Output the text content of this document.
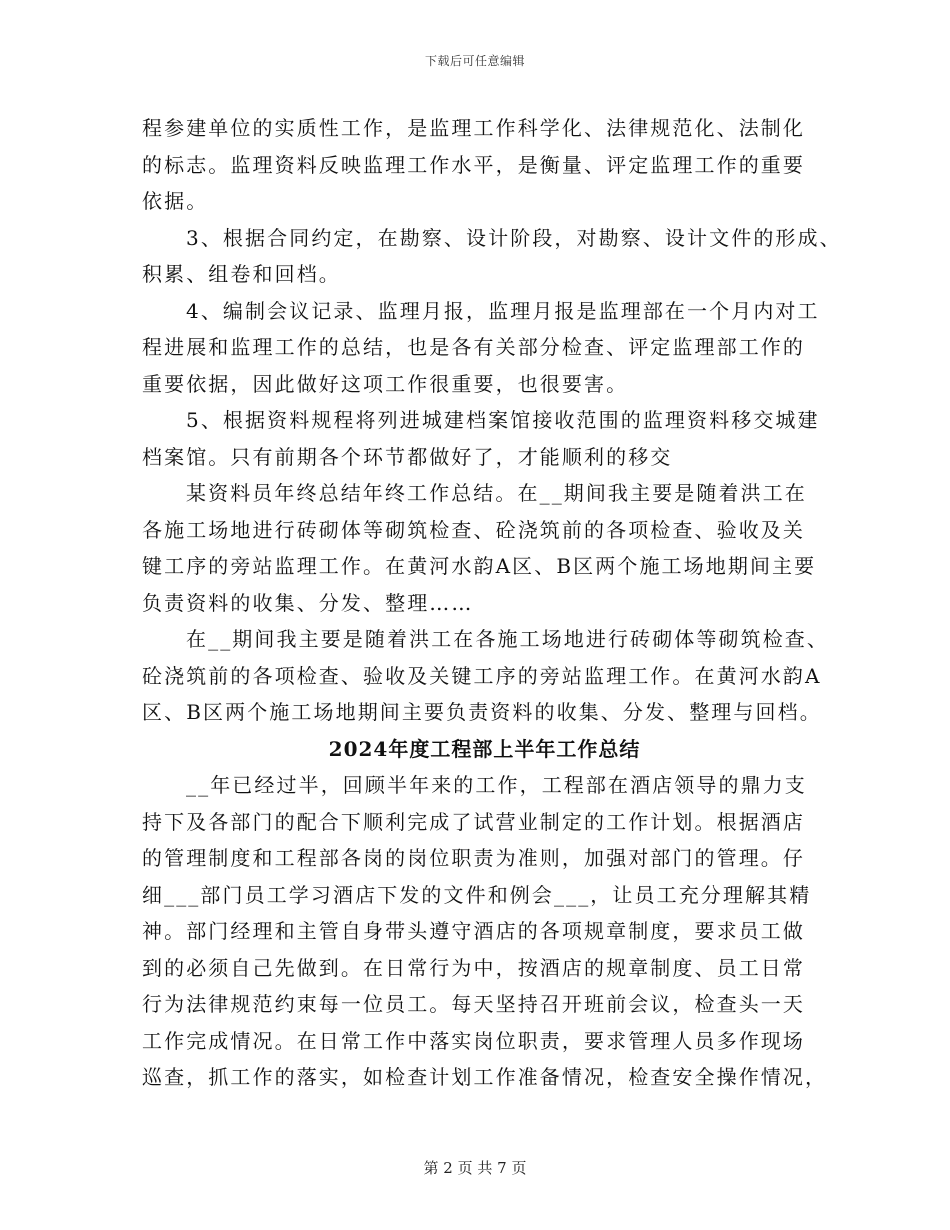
下载后可任意编辑
程参建单位的实质性工作，是监理工作科学化、法律规范化、法制化
的标志。监理资料反映监理工作水平，是衡量、评定监理工作的重要
依据。
3、根据合同约定，在勘察、设计阶段，对勘察、设计文件的形成、
积累、组卷和回档。
4、编制会议记录、监理月报，监理月报是监理部在一个月内对工
程进展和监理工作的总结，也是各有关部分检查、评定监理部工作的
重要依据，因此做好这项工作很重要，也很要害。
5、根据资料规程将列进城建档案馆接收范围的监理资料移交城建
档案馆。只有前期各个环节都做好了，才能顺利的移交
某资料员年终总结年终工作总结。在__期间我主要是随着洪工在
各施工场地进行砖砌体等砌筑检查、砼浇筑前的各项检查、验收及关
键工序的旁站监理工作。在黄河水韵A区、B区两个施工场地期间主要
负责资料的收集、分发、整理……
在__期间我主要是随着洪工在各施工场地进行砖砌体等砌筑检查、
砼浇筑前的各项检查、验收及关键工序的旁站监理工作。在黄河水韵A
区、B区两个施工场地期间主要负责资料的收集、分发、整理与回档。
2024年度工程部上半年工作总结
__年已经过半，回顾半年来的工作，工程部在酒店领导的鼎力支
持下及各部门的配合下顺利完成了试营业制定的工作计划。根据酒店
的管理制度和工程部各岗的岗位职责为准则，加强对部门的管理。仔
细___部门员工学习酒店下发的文件和例会___，让员工充分理解其精
神。部门经理和主管自身带头遵守酒店的各项规章制度，要求员工做
到的必须自己先做到。在日常行为中，按酒店的规章制度、员工日常
行为法律规范约束每一位员工。每天坚持召开班前会议，检查头一天
工作完成情况。在日常工作中落实岗位职责，要求管理人员多作现场
巡查，抓工作的落实，如检查计划工作准备情况，检查安全操作情况，
第 2 页 共 7 页
